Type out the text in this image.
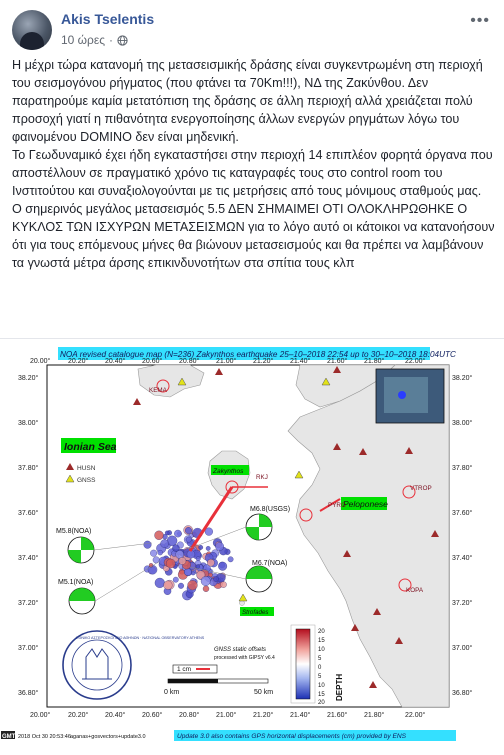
Akis Tselentis
10 ώρες ·
•••

Η μέχρι τώρα κατανομή της μετασεισμικής δράσης είναι συγκεντρωμένη στη περιοχή του σεισμογόνου ρήγματος (που φτάνει τα 70Km!!!), ΝΔ της Ζακύνθου. Δεν παρατηρούμε καμία μετατόπιση της δράσης σε άλλη περιοχή αλλά χρειάζεται πολύ προσοχή γιατί η πιθανότητα ενεργοποίησης άλλων ενεργών ρηγμάτων λόγω του φαινομένου DOMINO δεν είναι μηδενική.

Το Γεωδυναμικό έχει ήδη εγκαταστήσει στην περιοχή 14 επιπλέον φορητά όργανα που αποστέλλουν σε πραγματικό χρόνο τις καταγραφές τους στο control room του Ινστιτούτου και συναξιολογούνται με τις μετρήσεις από τους μόνιμους σταθμούς μας.

Ο σημερινός μεγάλος μετασεισμός 5.5 ΔΕΝ ΣΗΜΑΙΜΕΙ ΟΤΙ ΟΛΟΚΛΗΡΩΘΗΚΕ Ο ΚΥΚΛΟΣ ΤΩΝ ΙΣΧΥΡΩΝ ΜΕΤΑΣΕΙΣΜΩΝ για το λόγο αυτό οι κάτοικοι να κατανοήσουν ότι για τους επόμενους μήνες θα βιώνουν μετασεισμούς και θα πρέπει να λαμβάνουν τα γνωστά μέτρα άρσης επικινδυνοτήτων στα σπίτια τους κλπ

NOA revised catalogue map (N=236) Zakynthos earthquake 25–10–2018 22:54 up to 30–10–2018 18:04UTC
20.00°	20.20° 20.40° 20.60° 20.80° 21.00° 21.20° 21.40° 21.60° 21.80°	22.00°
20.00°	20.20° 20.40° 20.60° 20.80° 21.00° 21.20° 21.40° 21.60° 21.80°	22.00°
38.20°
38.00°
37.80°
37.60°
37.40°
37.20°
37.00°
36.80°
38.20°
38.00°
37.80°
37.60°
37.40°
37.20°
37.00°
36.80°
Ionian Sea
Peloponese
Zakynthos
Strofades
HUSN
GNSS
PYRG
VTROP
KOPA
RKJ
KEMA
M5.8(NOA)
M6.8(USGS)
M5.1(NOA)
M6.7(NOA)
ΕΘΝΙΚΟ ΑΣΤΕΡΟΣΚΟΠΕΙΟ ΑΘΗΝΩΝ · NATIONAL OBSERVATORY ATHENS
GNSS static offsets
processed with GIPSY v6.4
1 cm
0 km	50 km
20
15
10
5
0
5
10
15
20
DEPTH
GMT 2018 Oct 30 20:53:46 aganas+gosvectors+update3.0	Update 3.0 also contains GPS horizontal displacements (cm) provided by ENS
